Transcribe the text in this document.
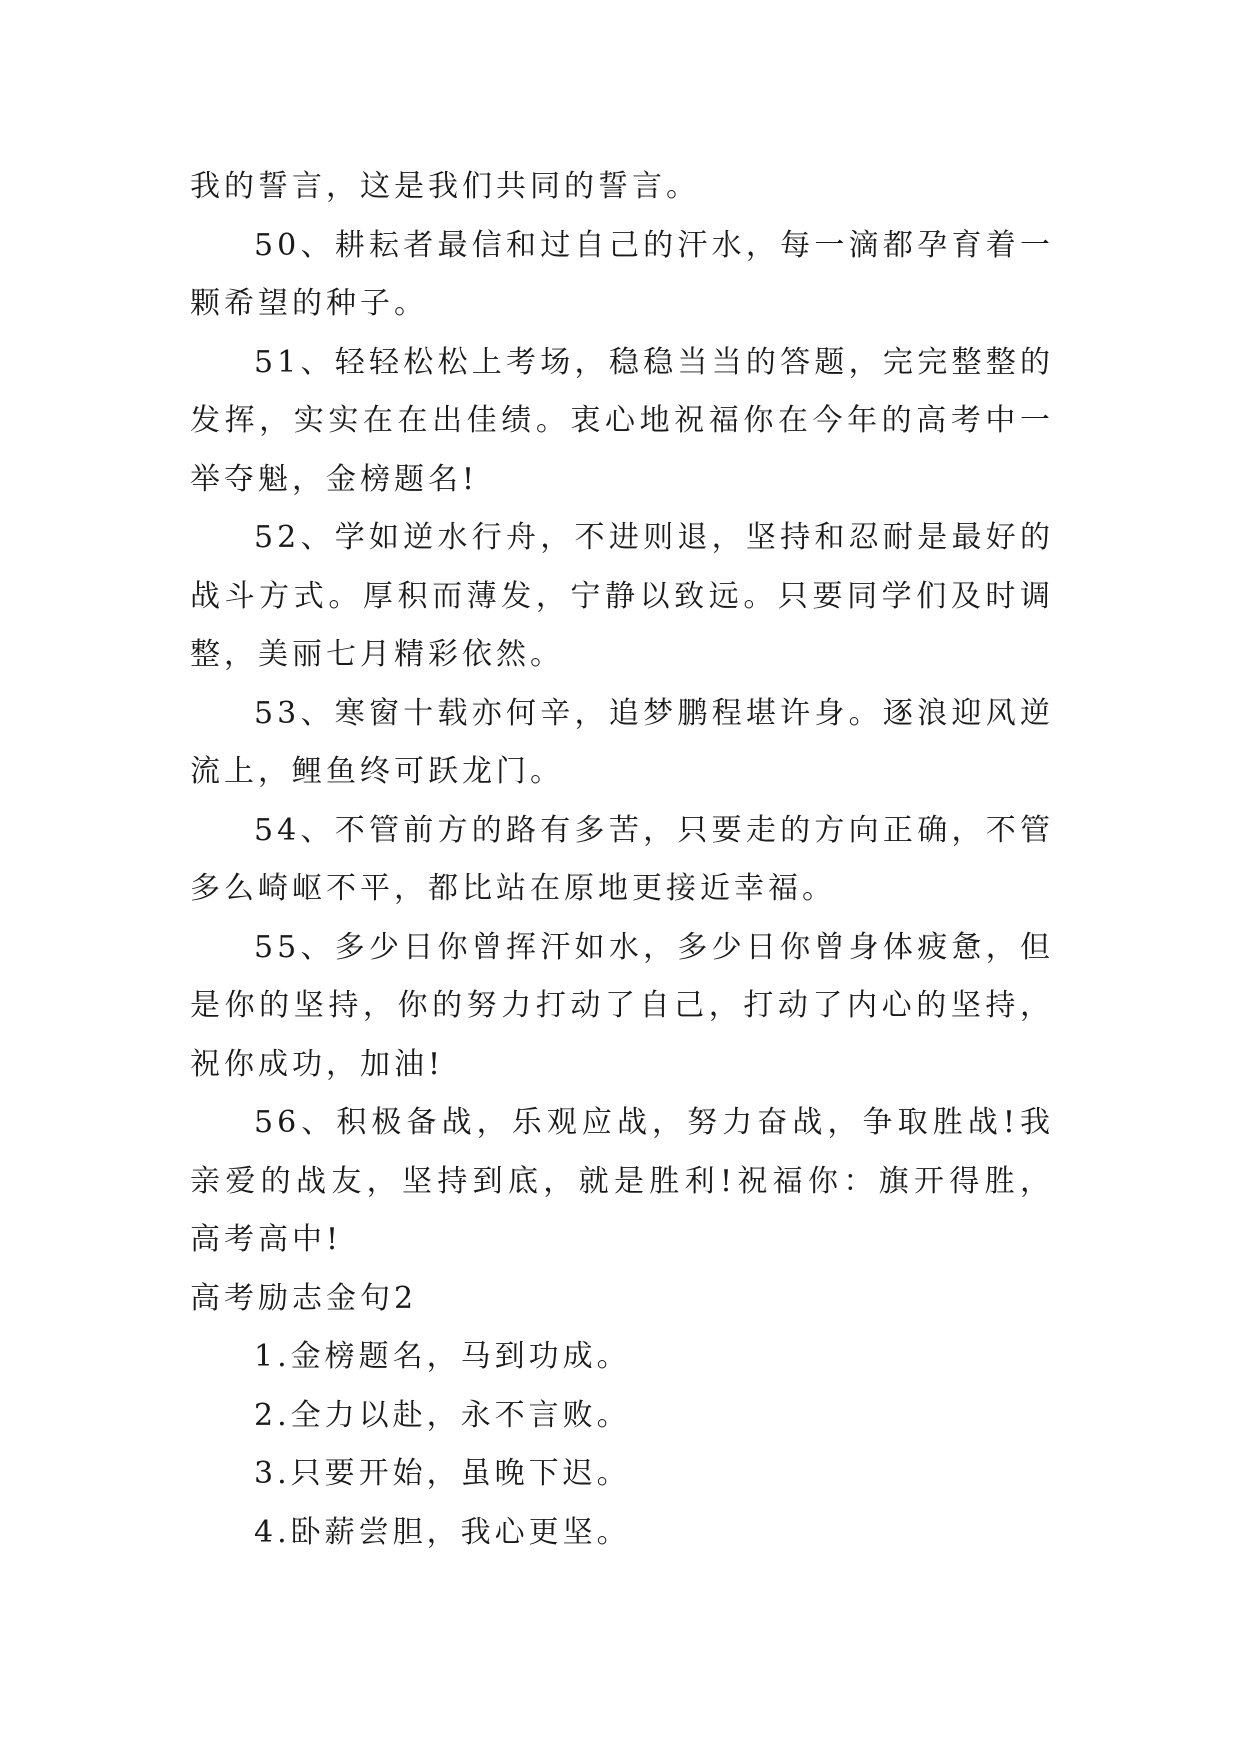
我的誓言，这是我们共同的誓言。

50、耕耘者最信和过自己的汗水，每一滴都孕育着一颗希望的种子。

51、轻轻松松上考场，稳稳当当的答题，完完整整的发挥，实实在在出佳绩。衷心地祝福你在今年的高考中一举夺魁，金榜题名!

52、学如逆水行舟，不进则退，坚持和忍耐是最好的战斗方式。厚积而薄发，宁静以致远。只要同学们及时调整，美丽七月精彩依然。

53、寒窗十载亦何辛，追梦鹏程堪许身。逐浪迎风逆流上，鲤鱼终可跃龙门。

54、不管前方的路有多苦，只要走的方向正确，不管多么崎岖不平，都比站在原地更接近幸福。

55、多少日你曾挥汗如水，多少日你曾身体疲惫，但是你的坚持，你的努力打动了自己，打动了内心的坚持，祝你成功，加油!

56、积极备战，乐观应战，努力奋战，争取胜战!我亲爱的战友，坚持到底，就是胜利!祝福你：旗开得胜，高考高中!

高考励志金句2

1.金榜题名，马到功成。

2.全力以赴，永不言败。

3.只要开始，虽晚下迟。

4.卧薪尝胆，我心更坚。
